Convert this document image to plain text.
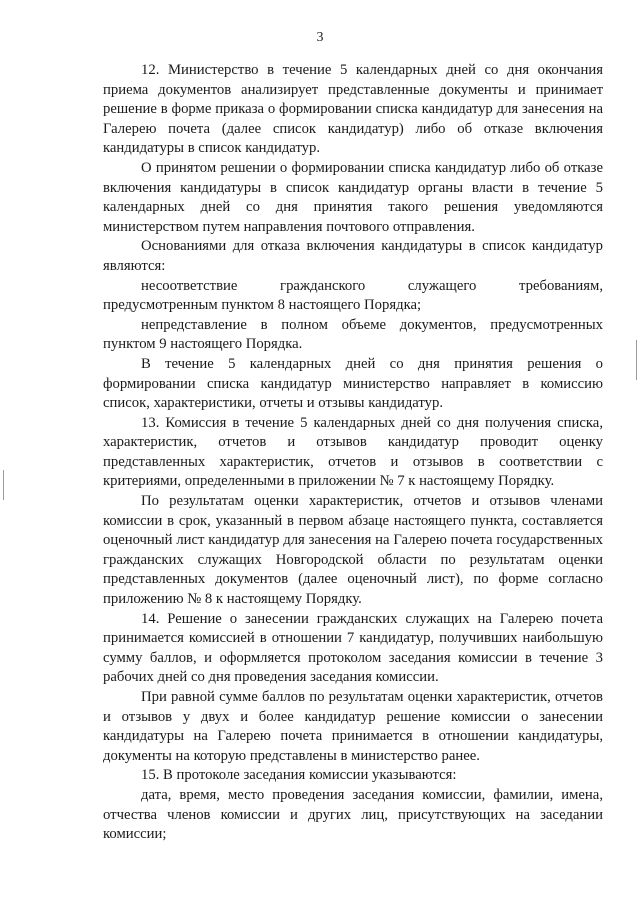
3

12. Министерство в течение 5 календарных дней со дня окончания приема документов анализирует представленные документы и принимает решение в форме приказа о формировании списка кандидатур для занесения на Галерею почета (далее список кандидатур) либо об отказе включения кандидатуры в список кандидатур.

О принятом решении о формировании списка кандидатур либо об отказе включения кандидатуры в список кандидатур органы власти в течение 5 календарных дней со дня принятия такого решения уведомляются министерством путем направления почтового отправления.

Основаниями для отказа включения кандидатуры в список кандидатур являются:

несоответствие гражданского служащего требованиям, предусмотренным пунктом 8 настоящего Порядка;

непредставление в полном объеме документов, предусмотренных пунктом 9 настоящего Порядка.

В течение 5 календарных дней со дня принятия решения о формировании списка кандидатур министерство направляет в комиссию список, характеристики, отчеты и отзывы кандидатур.

13. Комиссия в течение 5 календарных дней со дня получения списка, характеристик, отчетов и отзывов кандидатур проводит оценку представленных характеристик, отчетов и отзывов в соответствии с критериями, определенными в приложении № 7 к настоящему Порядку.

По результатам оценки характеристик, отчетов и отзывов членами комиссии в срок, указанный в первом абзаце настоящего пункта, составляется оценочный лист кандидатур для занесения на Галерею почета государственных гражданских служащих Новгородской области по результатам оценки представленных документов (далее оценочный лист), по форме согласно приложению № 8 к настоящему Порядку.

14. Решение о занесении гражданских служащих на Галерею почета принимается комиссией в отношении 7 кандидатур, получивших наибольшую сумму баллов, и оформляется протоколом заседания комиссии в течение 3 рабочих дней со дня проведения заседания комиссии.

При равной сумме баллов по результатам оценки характеристик, отчетов и отзывов у двух и более кандидатур решение комиссии о занесении кандидатуры на Галерею почета принимается в отношении кандидатуры, документы на которую представлены в министерство ранее.

15. В протоколе заседания комиссии указываются:

дата, время, место проведения заседания комиссии, фамилии, имена, отчества членов комиссии и других лиц, присутствующих на заседании комиссии;
